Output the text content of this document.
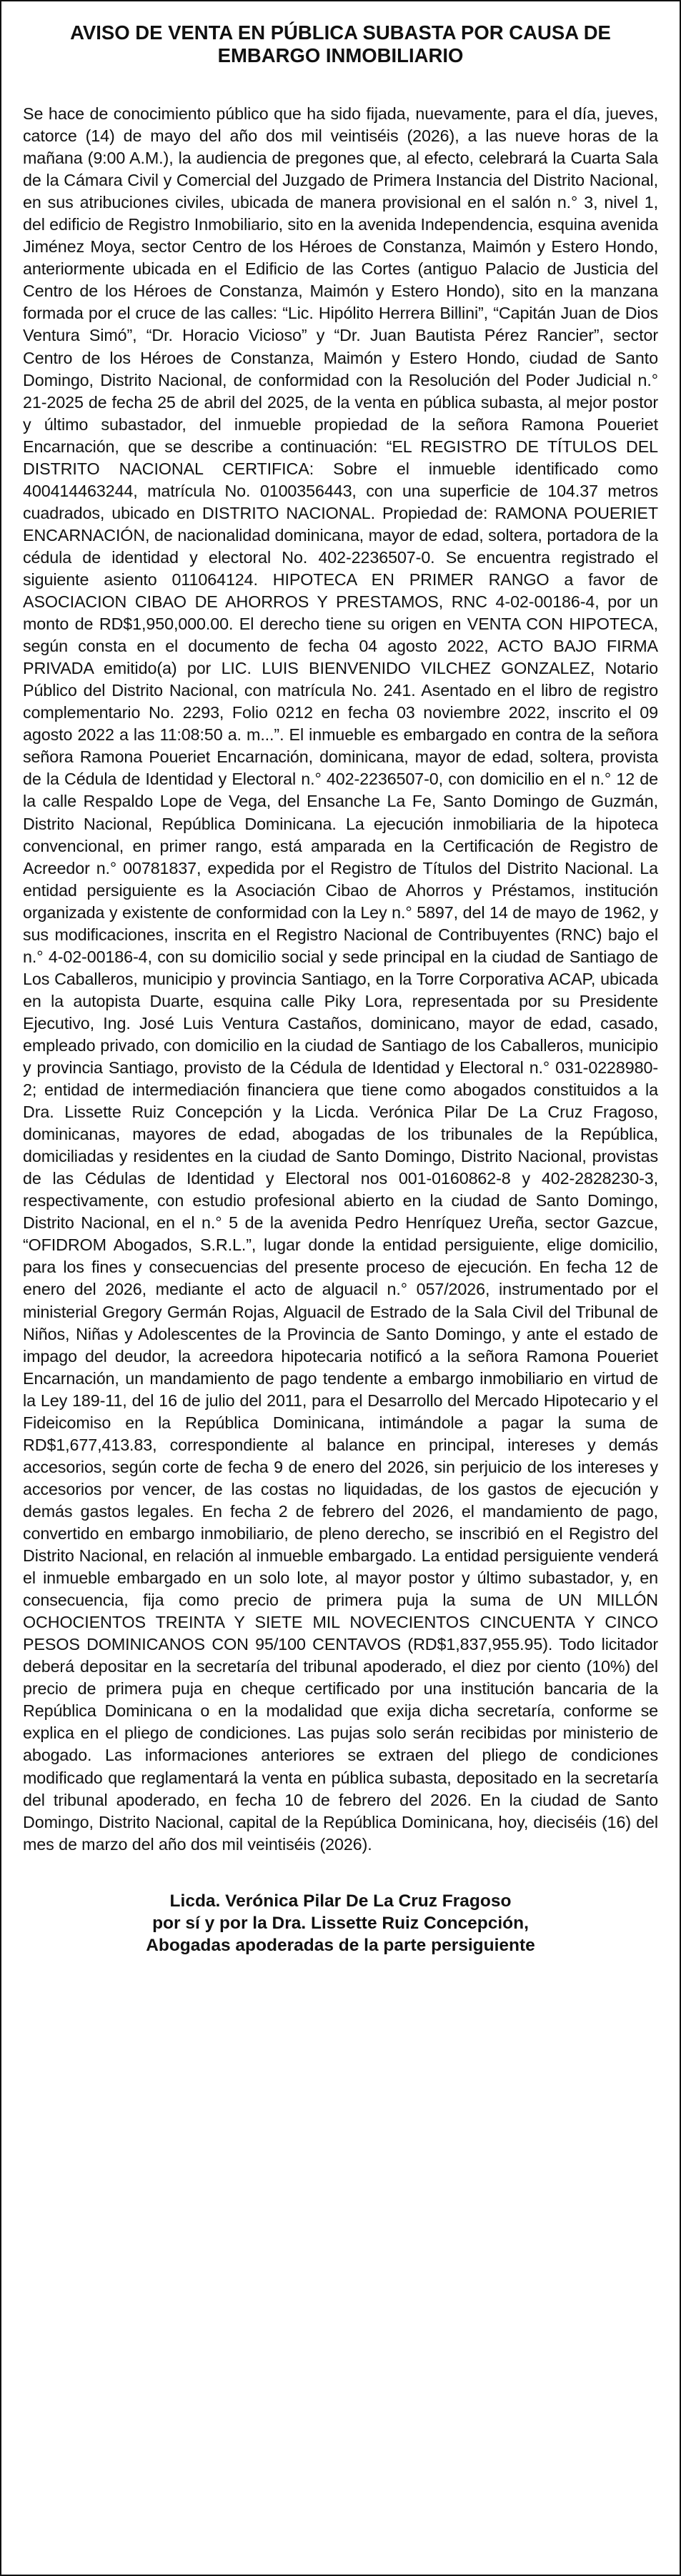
AVISO DE VENTA EN PÚBLICA SUBASTA POR CAUSA DE
EMBARGO INMOBILIARIO

Se hace de conocimiento público que ha sido fijada, nuevamente, para el día, jueves, catorce (14) de mayo del año dos mil veintiséis (2026), a las nueve horas de la mañana (9:00 A.M.), la audiencia de pregones que, al efecto, celebrará la Cuarta Sala de la Cámara Civil y Comercial del Juzgado de Primera Instancia del Distrito Nacional, en sus atribuciones civiles, ubicada de manera provisional en el salón n.° 3, nivel 1, del edificio de Registro Inmobiliario, sito en la avenida Independencia, esquina avenida Jiménez Moya, sector Centro de los Héroes de Constanza, Maimón y Estero Hondo, anteriormente ubicada en el Edificio de las Cortes (antiguo Palacio de Justicia del Centro de los Héroes de Constanza, Maimón y Estero Hondo), sito en la manzana formada por el cruce de las calles: “Lic. Hipólito Herrera Billini”, “Capitán Juan de Dios Ventura Simó”, “Dr. Horacio Vicioso” y “Dr. Juan Bautista Pérez Rancier”, sector Centro de los Héroes de Constanza, Maimón y Estero Hondo, ciudad de Santo Domingo, Distrito Nacional, de conformidad con la Resolución del Poder Judicial n.° 21-2025 de fecha 25 de abril del 2025, de la venta en pública subasta, al mejor postor y último subastador, del inmueble propiedad de la señora Ramona Poueriet Encarnación, que se describe a continuación: “EL REGISTRO DE TÍTULOS DEL DISTRITO NACIONAL CERTIFICA: Sobre el inmueble identificado como 400414463244, matrícula No. 0100356443, con una superficie de 104.37 metros cuadrados, ubicado en DISTRITO NACIONAL. Propiedad de: RAMONA POUERIET ENCARNACIÓN, de nacionalidad dominicana, mayor de edad, soltera, portadora de la cédula de identidad y electoral No. 402-2236507-0. Se encuentra registrado el siguiente asiento 011064124. HIPOTECA EN PRIMER RANGO a favor de ASOCIACION CIBAO DE AHORROS Y PRESTAMOS, RNC 4-02-00186-4, por un monto de RD$1,950,000.00. El derecho tiene su origen en VENTA CON HIPOTECA, según consta en el documento de fecha 04 agosto 2022, ACTO BAJO FIRMA PRIVADA emitido(a) por LIC. LUIS BIENVENIDO VILCHEZ GONZALEZ, Notario Público del Distrito Nacional, con matrícula No. 241. Asentado en el libro de registro complementario No. 2293, Folio 0212 en fecha 03 noviembre 2022, inscrito el 09 agosto 2022 a las 11:08:50 a. m...”. El inmueble es embargado en contra de la señora señora Ramona Poueriet Encarnación, dominicana, mayor de edad, soltera, provista de la Cédula de Identidad y Electoral n.° 402-2236507-0, con domicilio en el n.° 12 de la calle Respaldo Lope de Vega, del Ensanche La Fe, Santo Domingo de Guzmán, Distrito Nacional, República Dominicana. La ejecución inmobiliaria de la hipoteca convencional, en primer rango, está amparada en la Certificación de Registro de Acreedor n.° 00781837, expedida por el Registro de Títulos del Distrito Nacional. La entidad persiguiente es la Asociación Cibao de Ahorros y Préstamos, institución organizada y existente de conformidad con la Ley n.° 5897, del 14 de mayo de 1962, y sus modificaciones, inscrita en el Registro Nacional de Contribuyentes (RNC) bajo el n.° 4-02-00186-4, con su domicilio social y sede principal en la ciudad de Santiago de Los Caballeros, municipio y provincia Santiago, en la Torre Corporativa ACAP, ubicada en la autopista Duarte, esquina calle Piky Lora, representada por su Presidente Ejecutivo, Ing. José Luis Ventura Castaños, dominicano, mayor de edad, casado, empleado privado, con domicilio en la ciudad de Santiago de los Caballeros, municipio y provincia Santiago, provisto de la Cédula de Identidad y Electoral n.° 031-0228980-2; entidad de intermediación financiera que tiene como abogados constituidos a la Dra. Lissette Ruiz Concepción y la Licda. Verónica Pilar De La Cruz Fragoso, dominicanas, mayores de edad, abogadas de los tribunales de la República, domiciliadas y residentes en la ciudad de Santo Domingo, Distrito Nacional, provistas de las Cédulas de Identidad y Electoral nos 001-0160862-8 y 402-2828230-3, respectivamente, con estudio profesional abierto en la ciudad de Santo Domingo, Distrito Nacional, en el n.° 5 de la avenida Pedro Henríquez Ureña, sector Gazcue, “OFIDROM Abogados, S.R.L.”, lugar donde la entidad persiguiente, elige domicilio, para los fines y consecuencias del presente proceso de ejecución. En fecha 12 de enero del 2026, mediante el acto de alguacil n.° 057/2026, instrumentado por el ministerial Gregory Germán Rojas, Alguacil de Estrado de la Sala Civil del Tribunal de Niños, Niñas y Adolescentes de la Provincia de Santo Domingo, y ante el estado de impago del deudor, la acreedora hipotecaria notificó a la señora Ramona Poueriet Encarnación, un mandamiento de pago tendente a embargo inmobiliario en virtud de la Ley 189-11, del 16 de julio del 2011, para el Desarrollo del Mercado Hipotecario y el Fideicomiso en la República Dominicana, intimándole a pagar la suma de RD$1,677,413.83, correspondiente al balance en principal, intereses y demás accesorios, según corte de fecha 9 de enero del 2026, sin perjuicio de los intereses y accesorios por vencer, de las costas no liquidadas, de los gastos de ejecución y demás gastos legales. En fecha 2 de febrero del 2026, el mandamiento de pago, convertido en embargo inmobiliario, de pleno derecho, se inscribió en el Registro del Distrito Nacional, en relación al inmueble embargado. La entidad persiguiente venderá el inmueble embargado en un solo lote, al mayor postor y último subastador, y, en consecuencia, fija como precio de primera puja la suma de UN MILLÓN OCHOCIENTOS TREINTA Y SIETE MIL NOVECIENTOS CINCUENTA Y CINCO PESOS DOMINICANOS CON 95/100 CENTAVOS (RD$1,837,955.95). Todo licitador deberá depositar en la secretaría del tribunal apoderado, el diez por ciento (10%) del precio de primera puja en cheque certificado por una institución bancaria de la República Dominicana o en la modalidad que exija dicha secretaría, conforme se explica en el pliego de condiciones. Las pujas solo serán recibidas por ministerio de abogado. Las informaciones anteriores se extraen del pliego de condiciones modificado que reglamentará la venta en pública subasta, depositado en la secretaría del tribunal apoderado, en fecha 10 de febrero del 2026. En la ciudad de Santo Domingo, Distrito Nacional, capital de la República Dominicana, hoy, dieciséis (16) del mes de marzo del año dos mil veintiséis (2026).

Licda. Verónica Pilar De La Cruz Fragoso
por sí y por la Dra. Lissette Ruiz Concepción,
Abogadas apoderadas de la parte persiguiente
